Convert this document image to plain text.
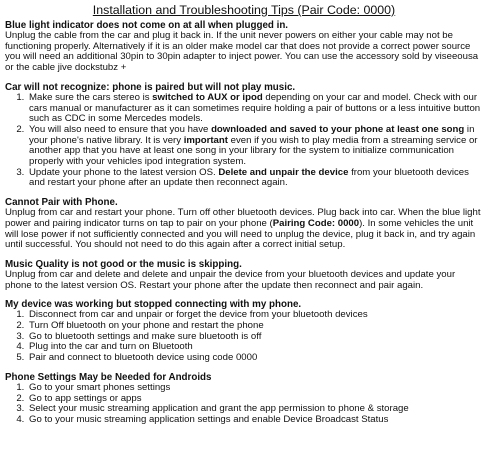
Installation and Troubleshooting Tips (Pair Code: 0000)
Blue light indicator does not come on at all when plugged in.

Unplug the cable from the car and plug it back in. If the unit never powers on either your cable may not be functioning properly. Alternatively if it is an older make model car that does not provide a correct power source you will need an additional 30pin to 30pin adapter to inject power. You can use the accessory sold by viseeousa or the cable jive dockstubz +

Car will not recognize: phone is paired but will not play music.
1. Make sure the cars stereo is switched to AUX or ipod depending on your car and model. Check with our cars manual or manufacturer as it can sometimes require holding a pair of buttons or a less intuitive button such as CDC in some Mercedes models.
2. You will also need to ensure that you have downloaded and saved to your phone at least one song in your phone's native library. It is very important even if you wish to play media from a streaming service or another app that you have at least one song in your library for the system to initialize communication properly with your vehicles ipod integration system.
3. Update your phone to the latest version OS. Delete and unpair the device from your bluetooth devices and restart your phone after an update then reconnect again.
Cannot Pair with Phone.

Unplug from car and restart your phone. Turn off other bluetooth devices. Plug back into car. When the blue light power and pairing indicator turns on tap to pair on your phone (Pairing Code: 0000). In some vehicles the unit will lose power if not sufficiently connected and you will need to unplug the device, plug it back in, and try again until successful. You should not need to do this again after a correct initial setup.

Music Quality is not good or the music is skipping.

Unplug from car and delete and delete and unpair the device from your bluetooth devices and update your phone to the latest version OS. Restart your phone after the update then reconnect and pair again.

My device was working but stopped connecting with my phone.
1. Disconnect from car and unpair or forget the device from your bluetooth devices
2. Turn Off bluetooth on your phone and restart the phone
3. Go to bluetooth settings and make sure bluetooth is off
4. Plug into the car and turn on Bluetooth
5. Pair and connect to bluetooth device using code 0000
Phone Settings May be Needed for Androids
1. Go to your smart phones settings
2. Go to app settings or apps
3. Select your music streaming application and grant the app permission to phone & storage
4. Go to your music streaming application settings and enable Device Broadcast Status
